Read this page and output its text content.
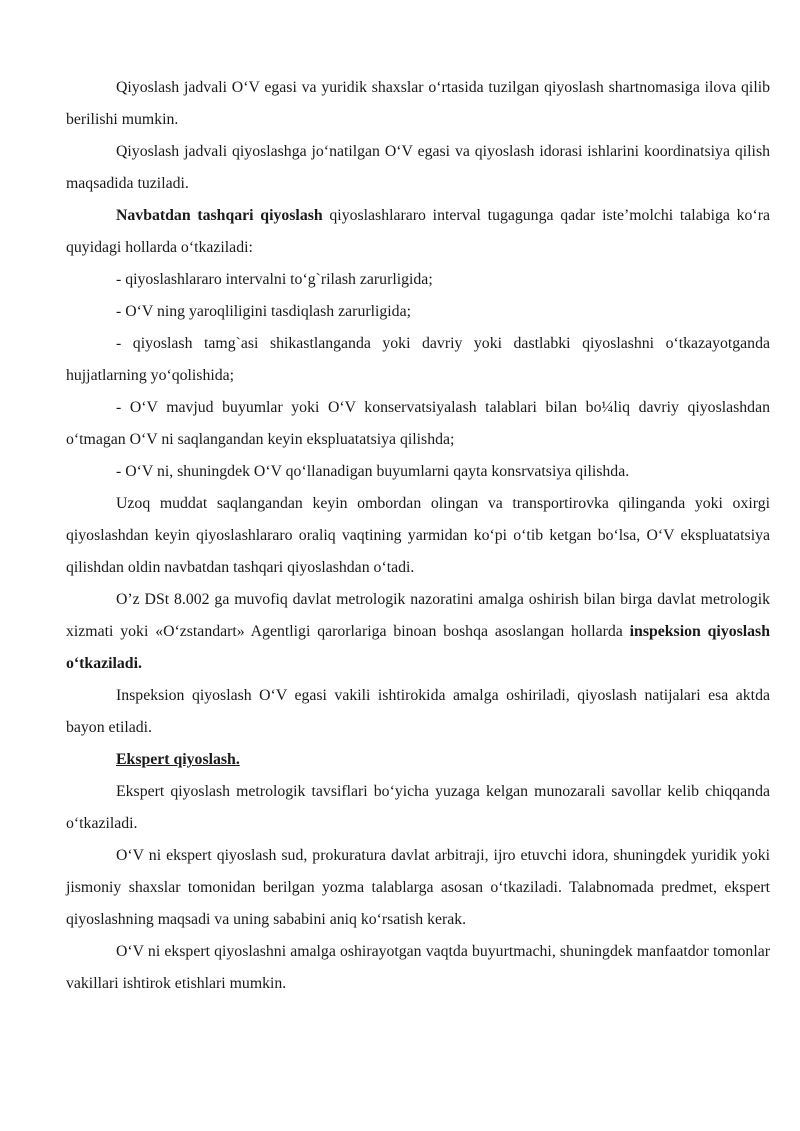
Qiyoslash jadvali O‘V egasi va yuridik shaxslar o‘rtasida tuzilgan qiyoslash shartnomasiga ilova qilib berilishi mumkin.

Qiyoslash jadvali qiyoslashga jo‘natilgan O‘V egasi va qiyoslash idorasi ishlarini koordinatsiya qilish maqsadida tuziladi.

Navbatdan tashqari qiyoslash qiyoslashlararo interval tugagunga qadar iste’molchi talabiga ko‘ra quyidagi hollarda o‘tkaziladi:

- qiyoslashlararo intervalni to‘g`rilash zarurligida;

- O‘V ning yaroqliligini tasdiqlash zarurligida;

- qiyoslash tamg`asi shikastlanganda yoki davriy yoki dastlabki qiyoslashni o‘tkazayotganda hujjatlarning yo‘qolishida;

- O‘V mavjud buyumlar yoki O‘V konservatsiyalash talablari bilan bo¼liq davriy qiyoslashdan o‘tmagan O‘V ni saqlangandan keyin ekspluatatsiya qilishda;

- O‘V ni, shuningdek O‘V qo‘llanadigan buyumlarni qayta konsrvatsiya qilishda.

Uzoq muddat saqlangandan keyin ombordan olingan va transportirovka qilinganda yoki oxirgi qiyoslashdan keyin qiyoslashlararo oraliq vaqtining yarmidan ko‘pi o‘tib ketgan bo‘lsa, O‘V ekspluatatsiya qilishdan oldin navbatdan tashqari qiyoslashdan o‘tadi.

O’z DSt 8.002 ga muvofiq davlat metrologik nazoratini amalga oshirish bilan birga davlat metrologik xizmati yoki «O‘zstandart» Agentligi qarorlariga binoan boshqa asoslangan hollarda inspeksion qiyoslash o‘tkaziladi.

Inspeksion qiyoslash O‘V egasi vakili ishtirokida amalga oshiriladi, qiyoslash natijalari esa aktda bayon etiladi.

Ekspert qiyoslash.

Ekspert qiyoslash metrologik tavsiflari bo‘yicha yuzaga kelgan munozarali savollar kelib chiqqanda o‘tkaziladi.

O‘V ni ekspert qiyoslash sud, prokuratura davlat arbitraji, ijro etuvchi idora, shuningdek yuridik yoki jismoniy shaxslar tomonidan berilgan yozma talablarga asosan o‘tkaziladi. Talabnomada predmet, ekspert qiyoslashning maqsadi va uning sababini aniq ko‘rsatish kerak.

O‘V ni ekspert qiyoslashni amalga oshirayotgan vaqtda buyurtmachi, shuningdek manfaatdor tomonlar vakillari ishtirok etishlari mumkin.
